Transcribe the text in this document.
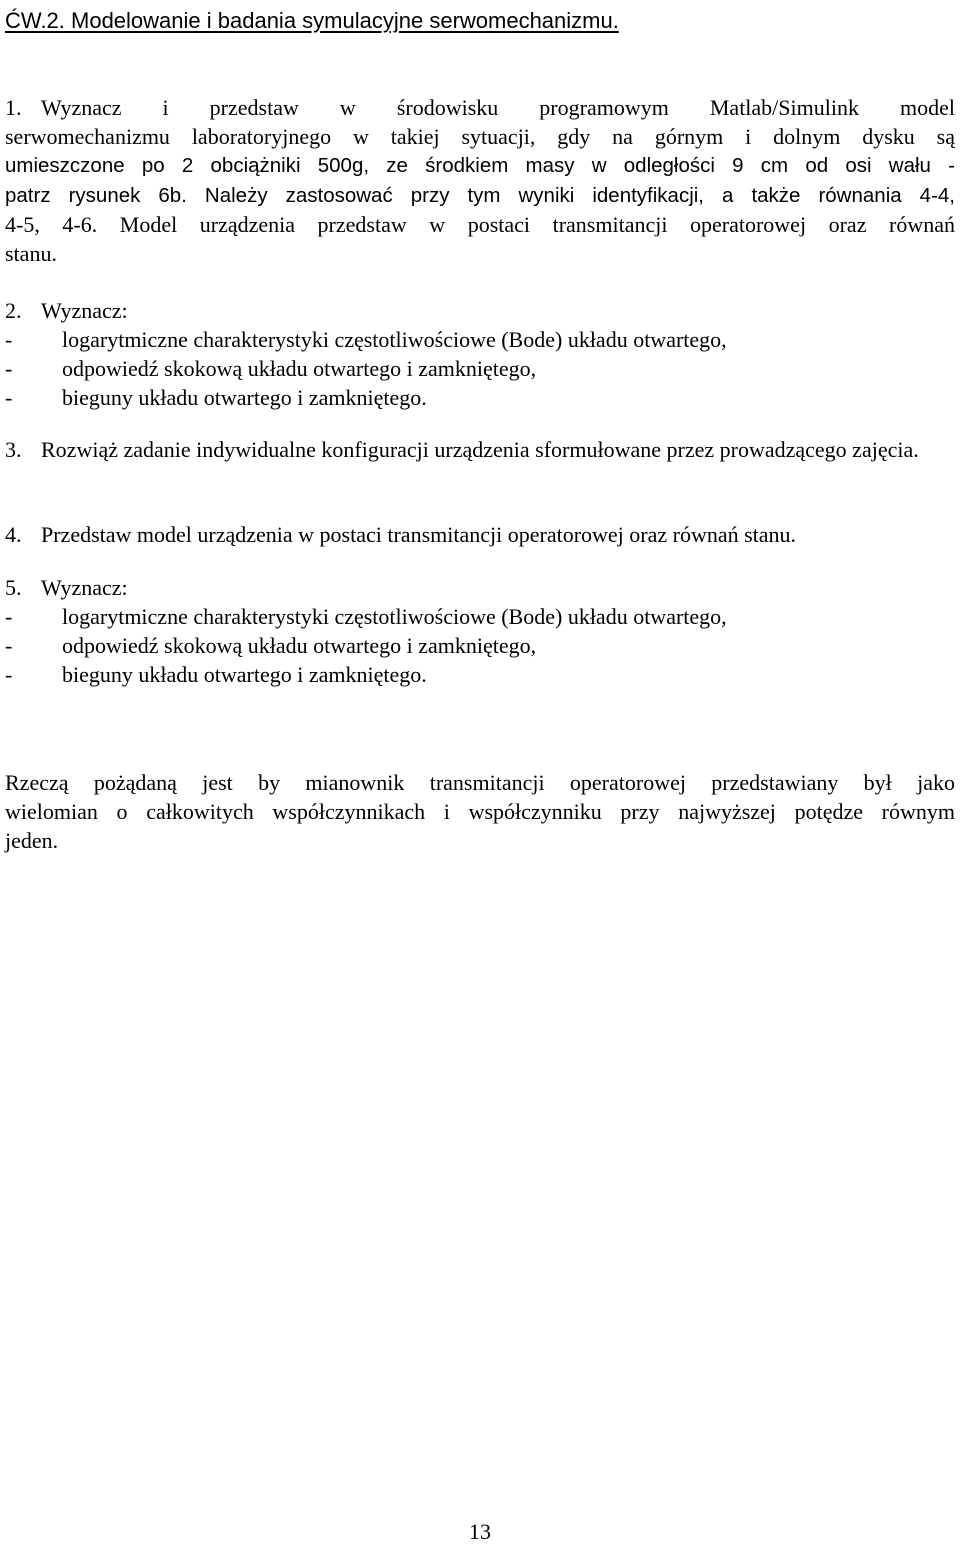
ĆW.2. Modelowanie i badania symulacyjne serwomechanizmu.
1. Wyznacz i przedstaw w środowisku programowym Matlab/Simulink model
serwomechanizmu laboratoryjnego w takiej sytuacji, gdy na górnym i dolnym dysku są
umieszczone po 2 obciążniki 500g, ze środkiem masy w odległości 9 cm od osi wału -
patrz rysunek 6b. Należy zastosować przy tym wyniki identyfikacji, a także równania 4-4,
4-5, 4-6. Model urządzenia przedstaw w postaci transmitancji operatorowej oraz równań
stanu.
2. Wyznacz:
-	logarytmiczne charakterystyki częstotliwościowe (Bode) układu otwartego,
-	odpowiedź skokową układu otwartego i zamkniętego,
-	bieguny układu otwartego i zamkniętego.
3. Rozwiąż zadanie indywidualne konfiguracji urządzenia sformułowane przez prowadzącego zajęcia.
4. Przedstaw model urządzenia w postaci transmitancji operatorowej oraz równań stanu.
5. Wyznacz:
-	logarytmiczne charakterystyki częstotliwościowe (Bode) układu otwartego,
-	odpowiedź skokową układu otwartego i zamkniętego,
-	bieguny układu otwartego i zamkniętego.
Rzeczą pożądaną jest by mianownik transmitancji operatorowej przedstawiany był jako
wielomian o całkowitych współczynnikach i współczynniku przy najwyższej potędze równym
jeden.
13
